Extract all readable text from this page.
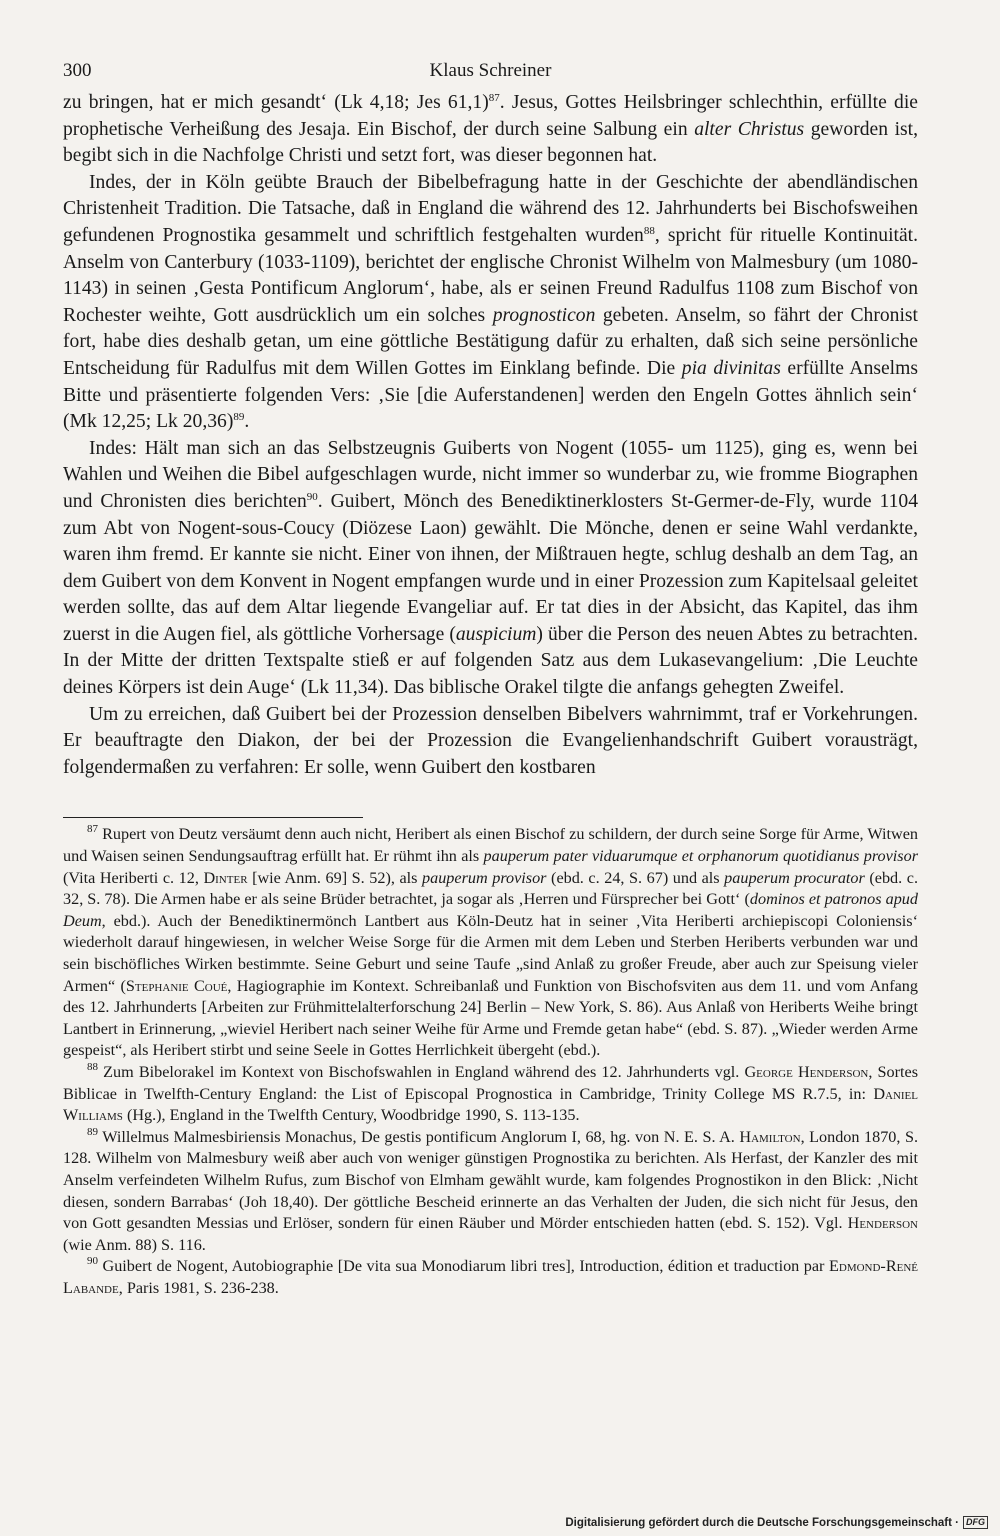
300	Klaus Schreiner

zu bringen, hat er mich gesandt‘ (Lk 4,18; Jes 61,1)$^{87}$. Jesus, Gottes Heilsbringer schlechthin, erfüllte die prophetische Verheißung des Jesaja. Ein Bischof, der durch seine Salbung ein alter Christus geworden ist, begibt sich in die Nachfolge Christi und setzt fort, was dieser begonnen hat.

Indes, der in Köln geübte Brauch der Bibelbefragung hatte in der Geschichte der abendländischen Christenheit Tradition. Die Tatsache, daß in England die während des 12. Jahrhunderts bei Bischofsweihen gefundenen Prognostika gesammelt und schriftlich festgehalten wurden$^{88}$, spricht für rituelle Kontinuität. Anselm von Canterbury (1033-1109), berichtet der englische Chronist Wilhelm von Malmesbury (um 1080-1143) in seinen ‚Gesta Pontificum Anglorum‘, habe, als er seinen Freund Radulfus 1108 zum Bischof von Rochester weihte, Gott ausdrücklich um ein solches prognosticon gebeten. Anselm, so fährt der Chronist fort, habe dies deshalb getan, um eine göttliche Bestätigung dafür zu erhalten, daß sich seine persönliche Entscheidung für Radulfus mit dem Willen Gottes im Einklang befinde. Die pia divinitas erfüllte Anselms Bitte und präsentierte folgenden Vers: ‚Sie [die Auferstandenen] werden den Engeln Gottes ähnlich sein‘ (Mk 12,25; Lk 20,36)$^{89}$.

Indes: Hält man sich an das Selbstzeugnis Guiberts von Nogent (1055- um 1125), ging es, wenn bei Wahlen und Weihen die Bibel aufgeschlagen wurde, nicht immer so wunderbar zu, wie fromme Biographen und Chronisten dies berichten$^{90}$. Guibert, Mönch des Benediktinerklosters St-Germer-de-Fly, wurde 1104 zum Abt von Nogent-sous-Coucy (Diözese Laon) gewählt. Die Mönche, denen er seine Wahl verdankte, waren ihm fremd. Er kannte sie nicht. Einer von ihnen, der Mißtrauen hegte, schlug deshalb an dem Tag, an dem Guibert von dem Konvent in Nogent empfangen wurde und in einer Prozession zum Kapitelsaal geleitet werden sollte, das auf dem Altar liegende Evangeliar auf. Er tat dies in der Absicht, das Kapitel, das ihm zuerst in die Augen fiel, als göttliche Vorhersage (auspicium) über die Person des neuen Abtes zu betrachten. In der Mitte der dritten Textspalte stieß er auf folgenden Satz aus dem Lukasevangelium: ‚Die Leuchte deines Körpers ist dein Auge‘ (Lk 11,34). Das biblische Orakel tilgte die anfangs gehegten Zweifel.

Um zu erreichen, daß Guibert bei der Prozession denselben Bibelvers wahrnimmt, traf er Vorkehrungen. Er beauftragte den Diakon, der bei der Prozession die Evangelienhandschrift Guibert vorausträgt, folgendermaßen zu verfahren: Er solle, wenn Guibert den kostbaren

$^{87}$ Rupert von Deutz versäumt denn auch nicht, Heribert als einen Bischof zu schildern, der durch seine Sorge für Arme, Witwen und Waisen seinen Sendungsauftrag erfüllt hat. Er rühmt ihn als pauperum pater viduarumque et orphanorum quotidianus provisor (Vita Heriberti c. 12, Dinter [wie Anm. 69] S. 52), als pauperum provisor (ebd. c. 24, S. 67) und als pauperum procurator (ebd. c. 32, S. 78). Die Armen habe er als seine Brüder betrachtet, ja sogar als ‚Herren und Fürsprecher bei Gott‘ (dominos et patronos apud Deum, ebd.). Auch der Benediktinermönch Lantbert aus Köln-Deutz hat in seiner ‚Vita Heriberti archiepiscopi Coloniensis‘ wiederholt darauf hingewiesen, in welcher Weise Sorge für die Armen mit dem Leben und Sterben Heriberts verbunden war und sein bischöfliches Wirken bestimmte. Seine Geburt und seine Taufe „sind Anlaß zu großer Freude, aber auch zur Speisung vieler Armen“ (Stephanie Coué, Hagiographie im Kontext. Schreibanlaß und Funktion von Bischofsviten aus dem 11. und vom Anfang des 12. Jahrhunderts [Arbeiten zur Frühmittelalterforschung 24] Berlin – New York, S. 86). Aus Anlaß von Heriberts Weihe bringt Lantbert in Erinnerung, „wieviel Heribert nach seiner Weihe für Arme und Fremde getan habe“ (ebd. S. 87). „Wieder werden Arme gespeist“, als Heribert stirbt und seine Seele in Gottes Herrlichkeit übergeht (ebd.).

$^{88}$ Zum Bibelorakel im Kontext von Bischofswahlen in England während des 12. Jahrhunderts vgl. George Henderson, Sortes Biblicae in Twelfth-Century England: the List of Episcopal Prognostica in Cambridge, Trinity College MS R.7.5, in: Daniel Williams (Hg.), England in the Twelfth Century, Woodbridge 1990, S. 113-135.

$^{89}$ Willelmus Malmesbiriensis Monachus, De gestis pontificum Anglorum I, 68, hg. von N. E. S. A. Hamilton, London 1870, S. 128. Wilhelm von Malmesbury weiß aber auch von weniger günstigen Prognostika zu berichten. Als Herfast, der Kanzler des mit Anselm verfeindeten Wilhelm Rufus, zum Bischof von Elmham gewählt wurde, kam folgendes Prognostikon in den Blick: ‚Nicht diesen, sondern Barrabas‘ (Joh 18,40). Der göttliche Bescheid erinnerte an das Verhalten der Juden, die sich nicht für Jesus, den von Gott gesandten Messias und Erlöser, sondern für einen Räuber und Mörder entschieden hatten (ebd. S. 152). Vgl. Henderson (wie Anm. 88) S. 116.

$^{90}$ Guibert de Nogent, Autobiographie [De vita sua Monodiarum libri tres], Introduction, édition et traduction par Edmond-René Labande, Paris 1981, S. 236-238.

Digitalisierung gefördert durch die Deutsche Forschungsgemeinschaft · DFG
